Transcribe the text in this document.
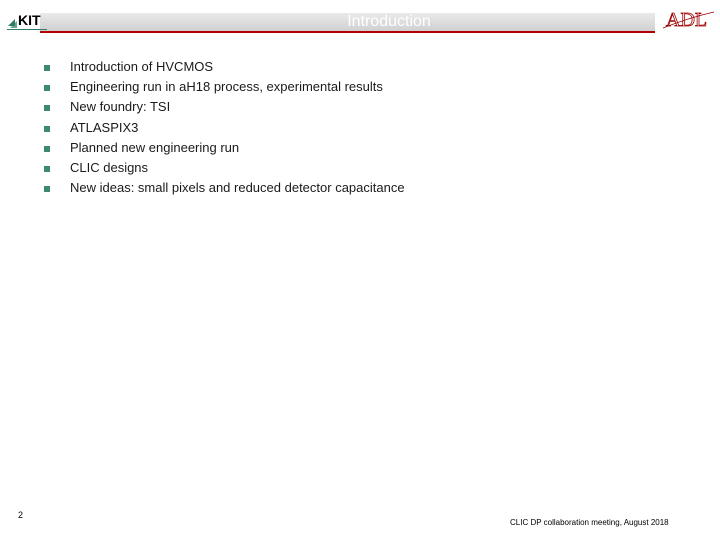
KIT	Introduction	ADL
Introduction of HVCMOS
Engineering run in aH18 process, experimental results
New foundry: TSI
ATLASPIX3
Planned new engineering run
CLIC designs
New ideas: small pixels and reduced detector capacitance
2
CLIC DP collaboration meeting, August 2018
